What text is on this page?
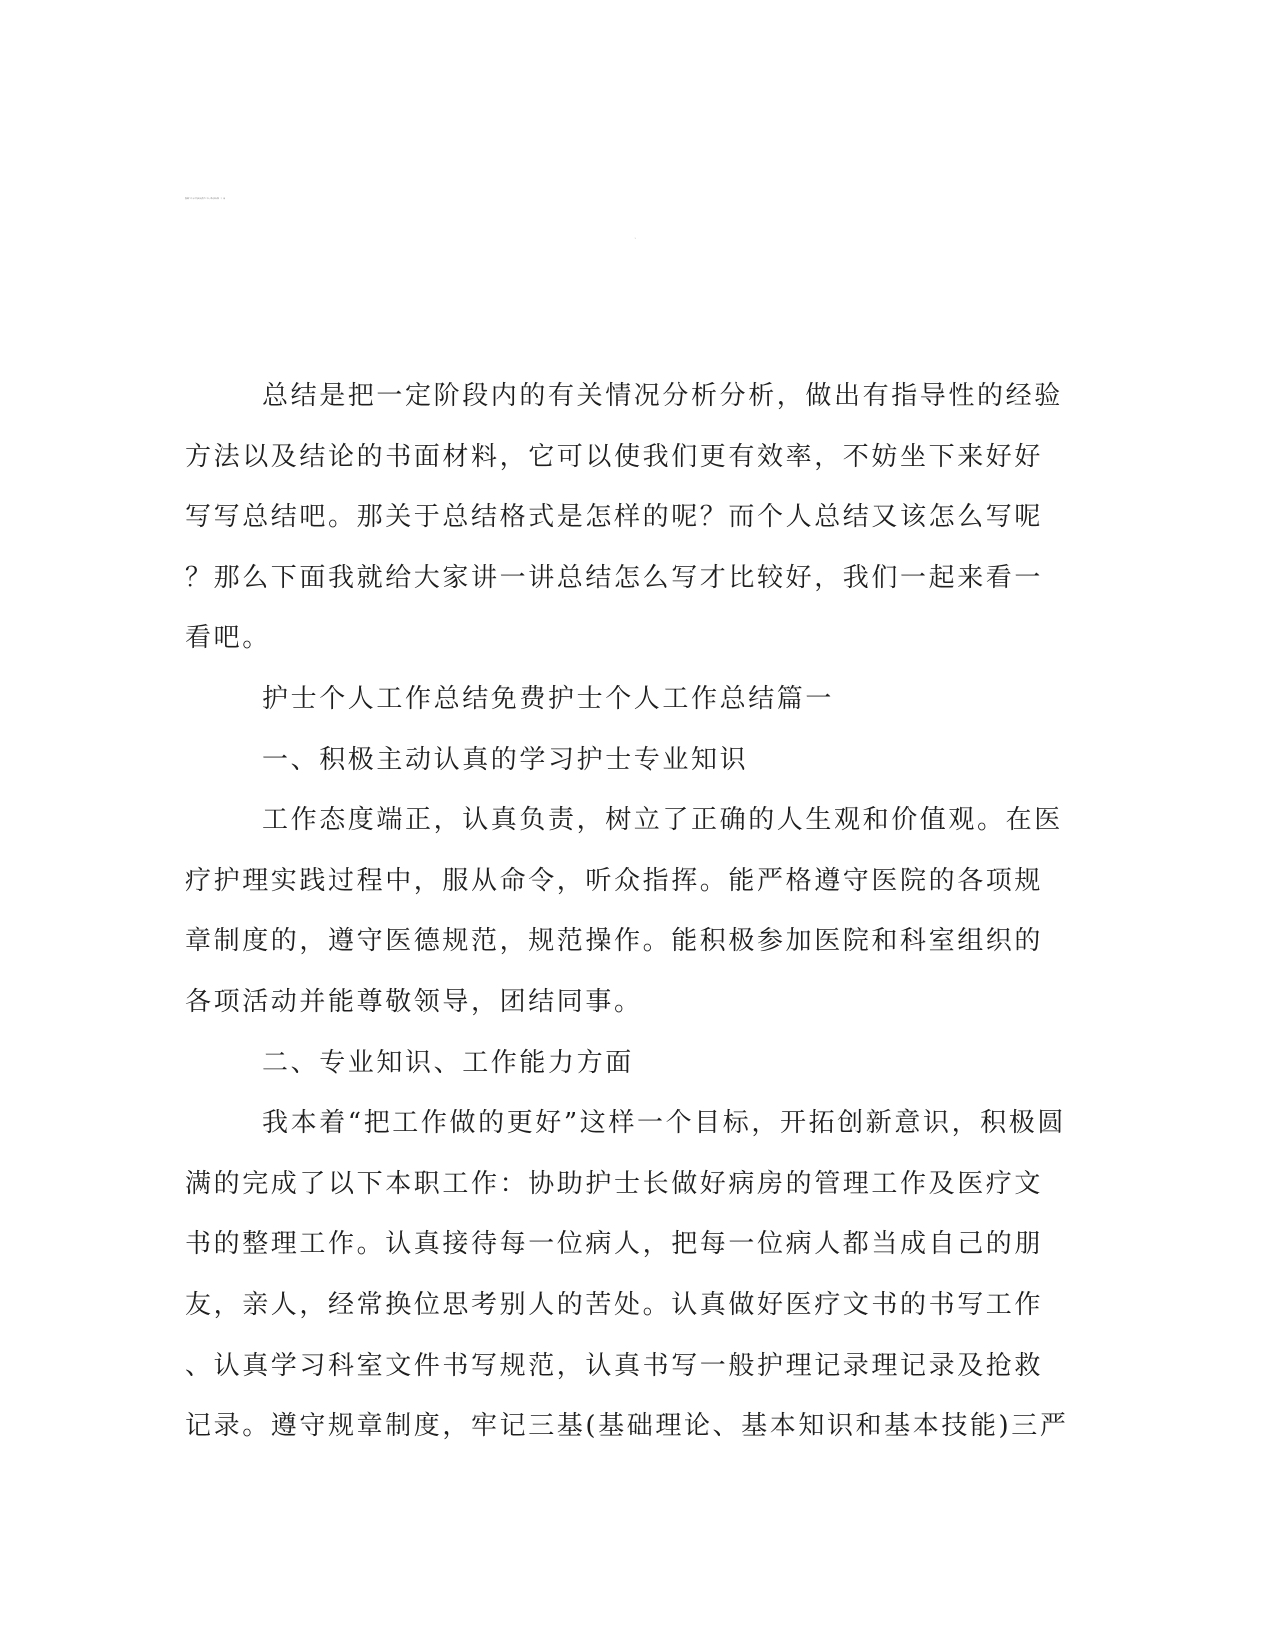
最新护士个人工作总结免费 护士个人工作总结疫情(二十一篇
)
总结是把一定阶段内的有关情况分析分析，做出有指导性的经验
方法以及结论的书面材料，它可以使我们更有效率，不妨坐下来好好
写写总结吧。那关于总结格式是怎样的呢？而个人总结又该怎么写呢
？那么下面我就给大家讲一讲总结怎么写才比较好，我们一起来看一
看吧。
护士个人工作总结免费护士个人工作总结篇一
一、积极主动认真的学习护士专业知识
工作态度端正，认真负责，树立了正确的人生观和价值观。在医
疗护理实践过程中，服从命令，听众指挥。能严格遵守医院的各项规
章制度的，遵守医德规范，规范操作。能积极参加医院和科室组织的
各项活动并能尊敬领导，团结同事。
二、专业知识、工作能力方面
我本着“把工作做的更好”这样一个目标，开拓创新意识，积极圆
满的完成了以下本职工作：协助护士长做好病房的管理工作及医疗文
书的整理工作。认真接待每一位病人，把每一位病人都当成自己的朋
友，亲人，经常换位思考别人的苦处。认真做好医疗文书的书写工作
、认真学习科室文件书写规范，认真书写一般护理记录理记录及抢救
记录。遵守规章制度，牢记三基(基础理论、基本知识和基本技能)三严
